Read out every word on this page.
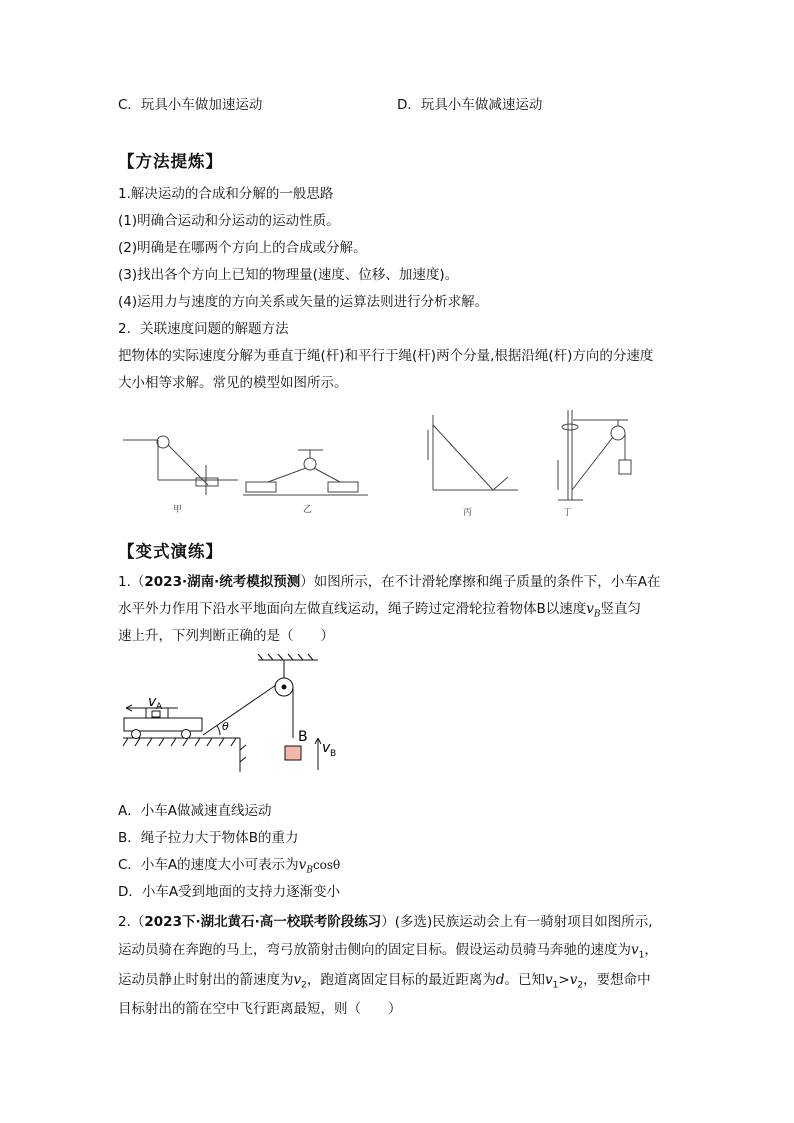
C．玩具小车做加速运动	D．玩具小车做减速运动
【方法提炼】
1.解决运动的合成和分解的一般思路
(1)明确合运动和分运动的运动性质。
(2)明确是在哪两个方向上的合成或分解。
(3)找出各个方向上已知的物理量(速度、位移、加速度)。
(4)运用力与速度的方向关系或矢量的运算法则进行分析求解。
2．关联速度问题的解题方法
把物体的实际速度分解为垂直于绳(杆)和平行于绳(杆)两个分量,根据沿绳(杆)方向的分速度
大小相等求解。常见的模型如图所示。
甲	乙	丙	丁
【变式演练】
1.（2023·湖南·统考模拟预测）如图所示，在不计滑轮摩擦和绳子质量的条件下，小车A在
水平外力作用下沿水平地面向左做直线运动，绳子跨过定滑轮拉着物体B以速度$v_B$竖直匀
速上升，下列判断正确的是（　　）
v A
θ
B
v B
A．小车A做减速直线运动
B．绳子拉力大于物体B的重力
C．小车A的速度大小可表示为$v_B\cos\theta$
D．小车A受到地面的支持力逐渐变小
2.（2023下·湖北黄石·高一校联考阶段练习）(多选)民族运动会上有一骑射项目如图所示,
运动员骑在奔跑的马上，弯弓放箭射击侧向的固定目标。假设运动员骑马奔驰的速度为$v_1$，
运动员静止时射出的箭速度为$v_2$，跑道离固定目标的最近距离为d。已知$v_1>v_2$，要想命中
目标射出的箭在空中飞行距离最短，则（　　）
